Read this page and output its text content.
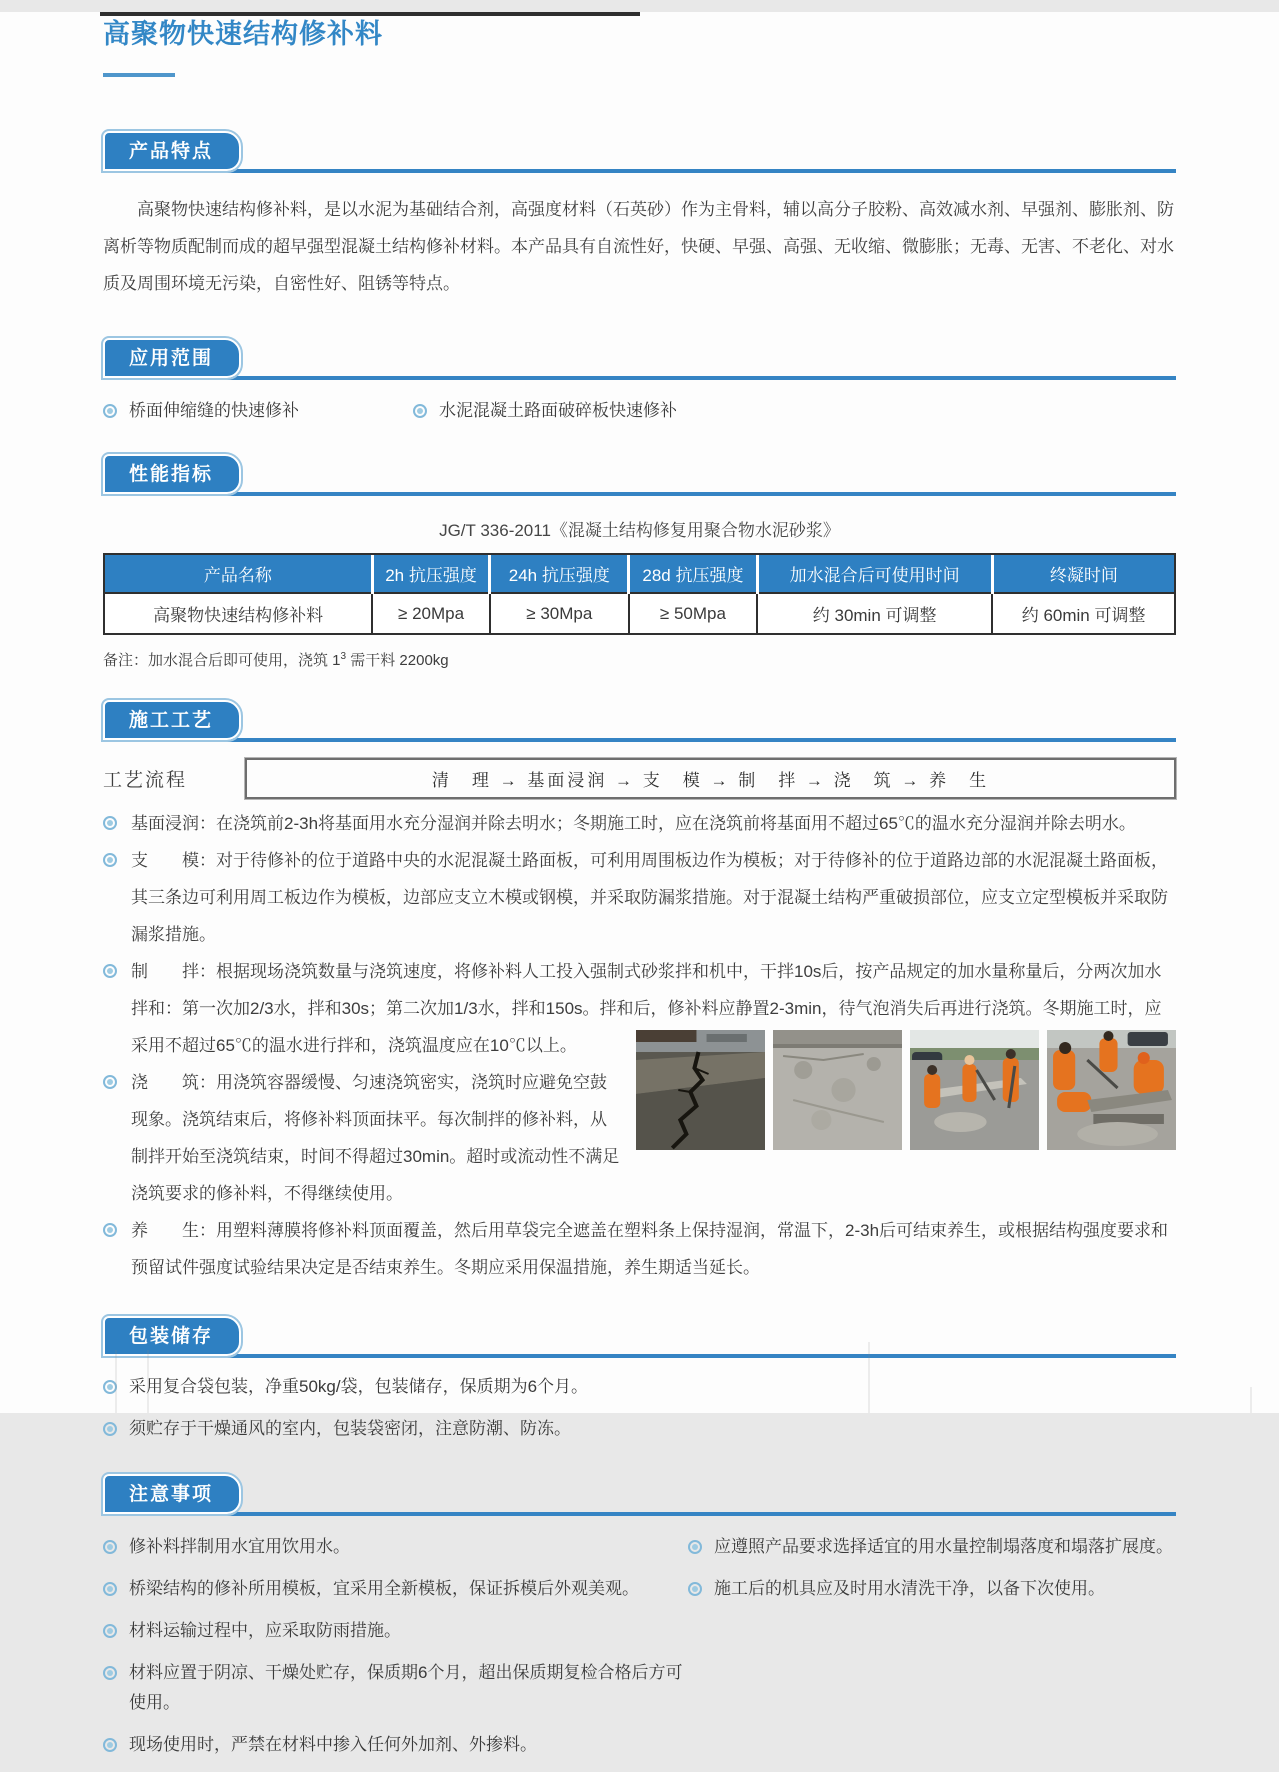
高聚物快速结构修补料
产品特点

高聚物快速结构修补料，是以水泥为基础结合剂，高强度材料（石英砂）作为主骨料，辅以高分子胶粉、高效减水剂、早强剂、膨胀剂、防离析等物质配制而成的超早强型混凝土结构修补材料。本产品具有自流性好，快硬、早强、高强、无收缩、微膨胀；无毒、无害、不老化、对水质及周围环境无污染，自密性好、阻锈等特点。

应用范围
桥面伸缩缝的快速修补	水泥混凝土路面破碎板快速修补
性能指标
JG/T 336-2011《混凝土结构修复用聚合物水泥砂浆》
产品名称	2h 抗压强度	24h 抗压强度	28d 抗压强度	加水混合后可使用时间	终凝时间
高聚物快速结构修补料	≥ 20Mpa	≥ 30Mpa	≥ 50Mpa	约 30min 可调整	约 60min 可调整
备注：加水混合后即可使用，浇筑 $1^3$ 需干料 2200kg
施工工艺
工艺流程	清　理 → 基面浸润 → 支　模 → 制　拌 → 浇　筑 → 养　生
基面浸润：在浇筑前2-3h将基面用水充分湿润并除去明水；冬期施工时，应在浇筑前将基面用不超过65℃的温水充分湿润并除去明水。
支　　模：对于待修补的位于道路中央的水泥混凝土路面板，可利用周围板边作为模板；对于待修补的位于道路边部的水泥混凝土路面板，其三条边可利用周工板边作为模板，边部应支立木模或钢模，并采取防漏浆措施。对于混凝土结构严重破损部位，应支立定型模板并采取防漏浆措施。
制　　拌：根据现场浇筑数量与浇筑速度，将修补料人工投入强制式砂浆拌和机中，干拌10s后，按产品规定的加水量称量后，分两次加水拌和：第一次加2/3水，拌和30s；第二次加1/3水，拌和150s。拌和后，修补料应静置2-3min，待气泡消失后再进行浇筑。冬期施工时，应采用不超过65℃的温水进行拌和，浇筑温度应在10℃以上。
浇　　筑：用浇筑容器缓慢、匀速浇筑密实，浇筑时应避免空鼓现象。浇筑结束后，将修补料顶面抹平。每次制拌的修补料，从制拌开始至浇筑结束，时间不得超过30min。超时或流动性不满足浇筑要求的修补料，不得继续使用。
养　　生：用塑料薄膜将修补料顶面覆盖，然后用草袋完全遮盖在塑料条上保持湿润，常温下，2-3h后可结束养生，或根据结构强度要求和预留试件强度试验结果决定是否结束养生。冬期应采用保温措施，养生期适当延长。
包装储存
采用复合袋包装，净重50kg/袋，包装储存，保质期为6个月。
须贮存于干燥通风的室内，包装袋密闭，注意防潮、防冻。
注意事项
修补料拌制用水宜用饮用水。
桥梁结构的修补所用模板，宜采用全新模板，保证拆模后外观美观。
材料运输过程中，应采取防雨措施。
材料应置于阴凉、干燥处贮存，保质期6个月，超出保质期复检合格后方可使用。
现场使用时，严禁在材料中掺入任何外加剂、外掺料。
应遵照产品要求选择适宜的用水量控制塌落度和塌落扩展度。
施工后的机具应及时用水清洗干净，以备下次使用。
